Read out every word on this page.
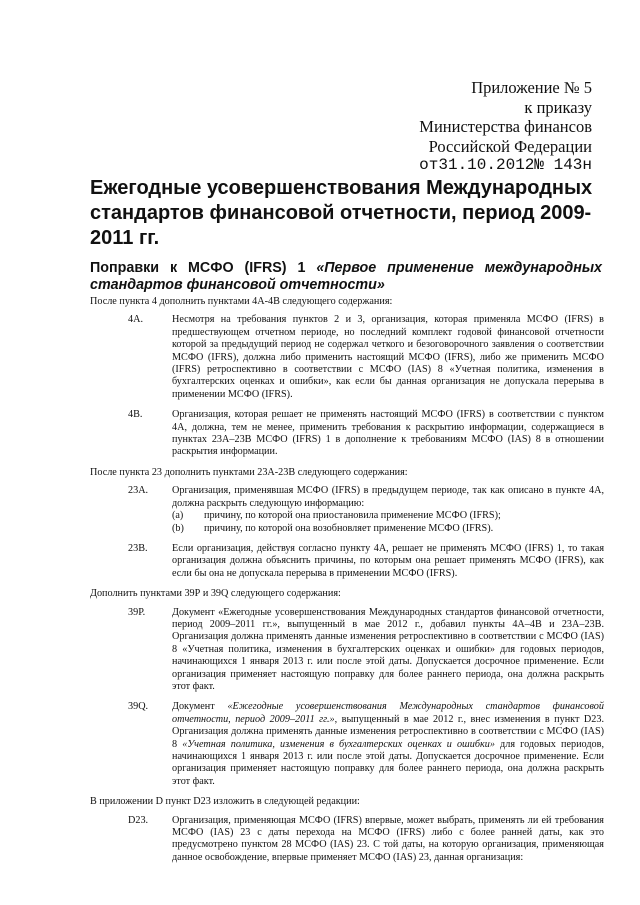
Приложение № 5
к приказу
Министерства финансов
Российской Федерации
от31.10.2012№ 143н
Ежегодные усовершенствования Международных стандартов финансовой отчетности, период 2009-2011 гг.
Поправки к МСФО (IFRS) 1 «Первое применение международных стандартов финансовой отчетности»

После пункта 4 дополнить пунктами 4А-4В следующего содержания:

4А.	Несмотря на требования пунктов 2 и 3, организация, которая применяла МСФО (IFRS) в предшествующем отчетном периоде, но последний комплект годовой финансовой отчетности которой за предыдущий период не содержал четкого и безоговорочного заявления о соответствии МСФО (IFRS), должна либо применить настоящий МСФО (IFRS), либо же применить МСФО (IFRS) ретроспективно в соответствии с МСФО (IAS) 8 «Учетная политика, изменения в бухгалтерских оценках и ошибки», как если бы данная организация не допускала перерыва в применении МСФО (IFRS).

4В.	Организация, которая решает не применять настоящий МСФО (IFRS) в соответствии с пунктом 4А, должна, тем не менее, применить требования к раскрытию информации, содержащиеся в пунктах 23А–23В МСФО (IFRS) 1 в дополнение к требованиям МСФО (IAS) 8 в отношении раскрытия информации.

После пункта 23 дополнить пунктами 23А-23В следующего содержания:

23А. Организация, применявшая МСФО (IFRS) в предыдущем периоде, так как описано в пункте 4А, должна раскрыть следующую информацию:

(a) причину, по которой она приостановила применение МСФО (IFRS);
(b) причину, по которой она возобновляет применение МСФО (IFRS).
23В. Если организация, действуя согласно пункту 4А, решает не применять МСФО (IFRS) 1, то такая организация должна объяснить причины, по которым она решает применять МСФО (IFRS), как если бы она не допускала перерыва в применении МСФО (IFRS).

Дополнить пунктами 39Р и 39Q следующего содержания:

39Р.	Документ «Ежегодные усовершенствования Международных стандартов финансовой отчетности, период 2009–2011 гг.», выпущенный в мае 2012 г., добавил пункты 4А–4В и 23А–23В. Организация должна применять данные изменения ретроспективно в соответствии с МСФО (IAS) 8 «Учетная политика, изменения в бухгалтерских оценках и ошибки» для годовых периодов, начинающихся 1 января 2013 г. или после этой даты. Допускается досрочное применение. Если организация применяет настоящую поправку для более раннего периода, она должна раскрыть этот факт.

39Q. Документ «Ежегодные усовершенствования Международных стандартов финансовой отчетности, период 2009–2011 гг.», выпущенный в мае 2012 г., внес изменения в пункт D23. Организация должна применять данные изменения ретроспективно в соответствии с МСФО (IAS) 8 «Учетная политика, изменения в бухгалтерских оценках и ошибки» для годовых периодов, начинающихся 1 января 2013 г. или после этой даты. Допускается досрочное применение. Если организация применяет настоящую поправку для более раннего периода, она должна раскрыть этот факт.

В приложении D пункт D23 изложить в следующей редакции:

D23. Организация, применяющая МСФО (IFRS) впервые, может выбрать, применять ли ей требования МСФО (IAS) 23 с даты перехода на МСФО (IFRS) либо с более ранней даты, как это предусмотрено пунктом 28 МСФО (IAS) 23. С той даты, на которую организация, применяющая данное освобождение, впервые применяет МСФО (IAS) 23, данная организация:
